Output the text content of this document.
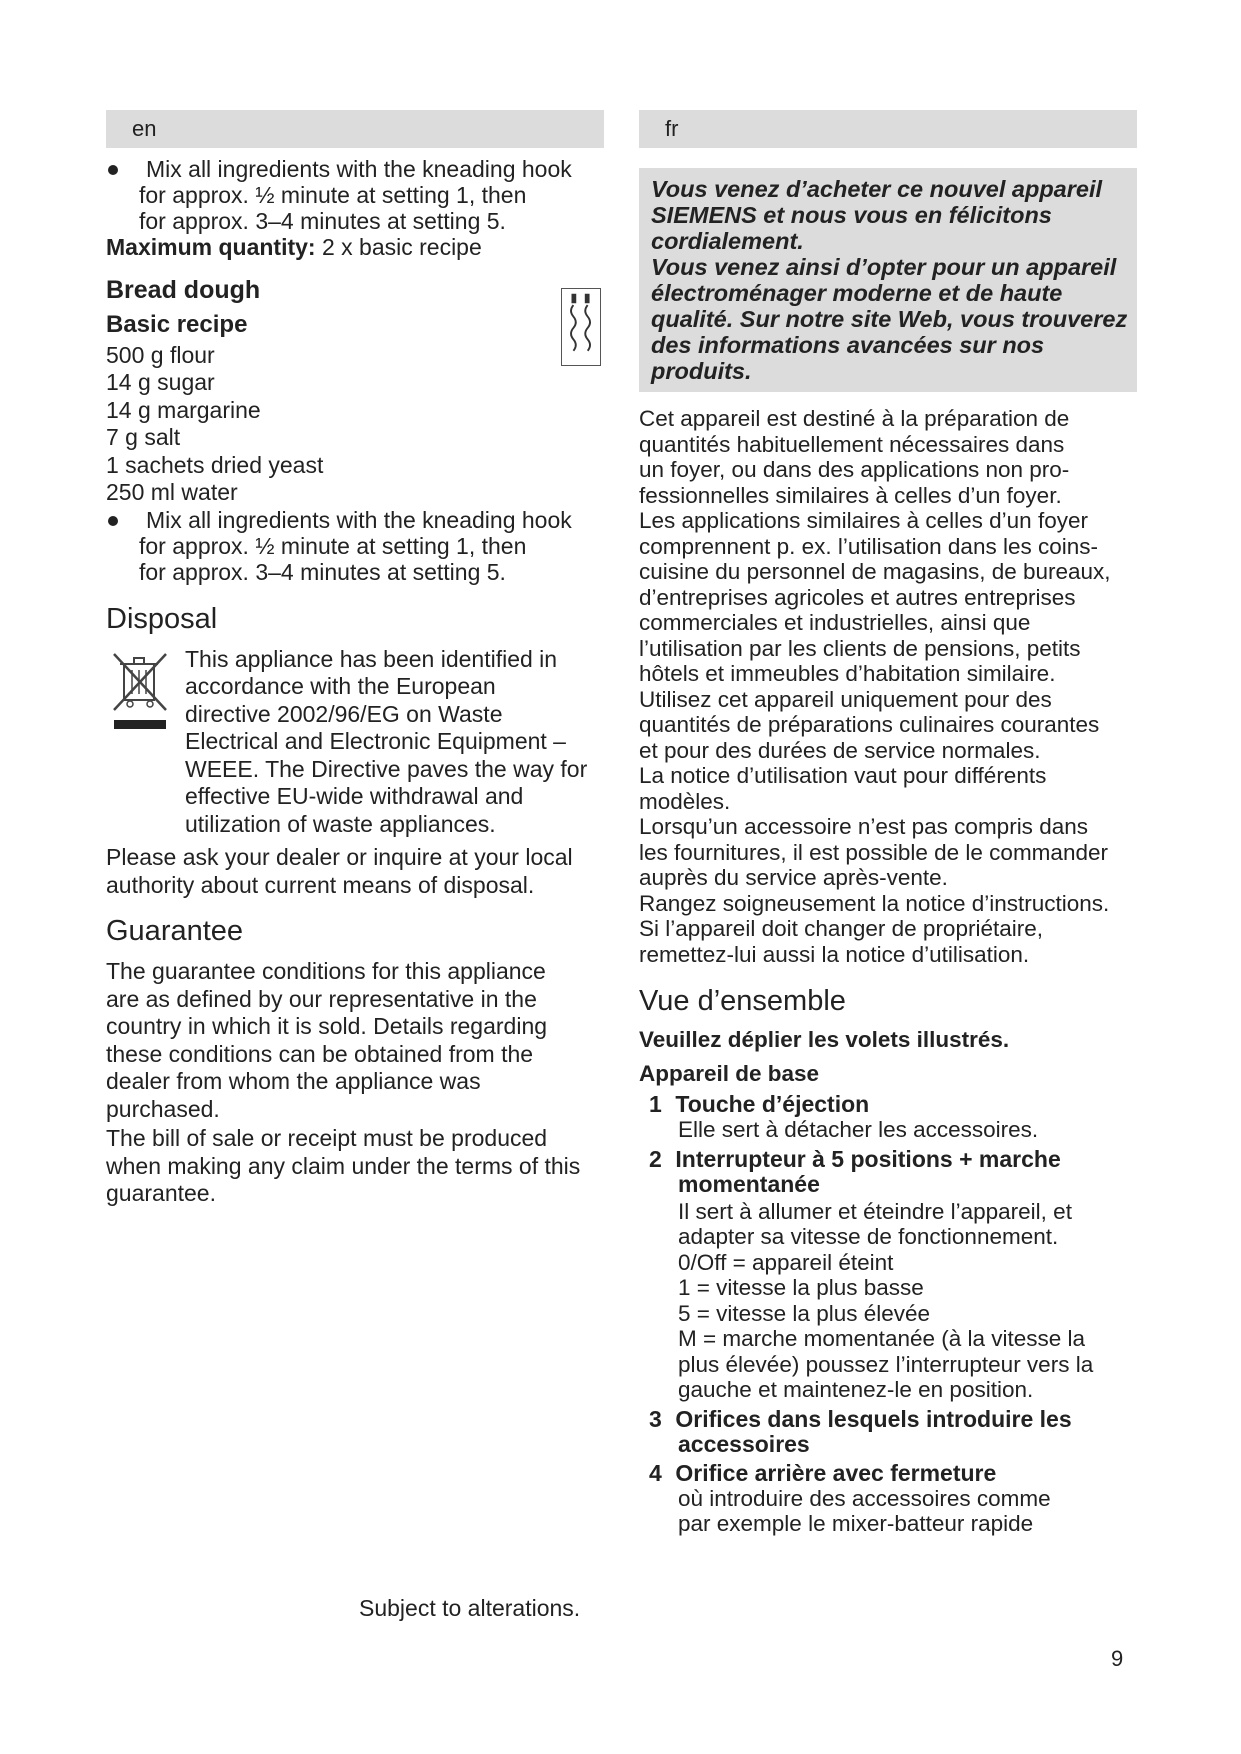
en
Mix all ingredients with the kneading hook
for approx. ½ minute at setting 1, then
for approx. 3–4 minutes at setting 5.

Maximum quantity: 2 x basic recipe

Bread dough
Basic recipe

500 g flour

14 g sugar

14 g margarine

7 g salt

1 sachets dried yeast

250 ml water

Mix all ingredients with the kneading hook
for approx. ½ minute at setting 1, then
for approx. 3–4 minutes at setting 5.
Disposal

This appliance has been identified in

accordance with the European

directive 2002/96/EG on Waste

Electrical and Electronic Equipment –

WEEE. The Directive paves the way for

effective EU-wide withdrawal and

utilization of waste appliances.

Please ask your dealer or inquire at your local

authority about current means of disposal.

Guarantee

The guarantee conditions for this appliance

are as defined by our representative in the

country in which it is sold. Details regarding

these conditions can be obtained from the

dealer from whom the appliance was

purchased.

The bill of sale or receipt must be produced

when making any claim under the terms of this

guarantee.

fr

Vous venez d’acheter ce nouvel appareil

SIEMENS et nous vous en félicitons

cordialement.

Vous venez ainsi d’opter pour un appareil

électroménager moderne et de haute

qualité. Sur notre site Web, vous trouverez

des informations avancées sur nos produits.

Cet appareil est destiné à la préparation de

quantités habituellement nécessaires dans

un foyer, ou dans des applications non pro-

fessionnelles similaires à celles d’un foyer.

Les applications similaires à celles d’un foyer

comprennent p. ex. l’utilisation dans les coins-

cuisine du personnel de magasins, de bureaux,

d’entreprises agricoles et autres entreprises

commerciales et industrielles, ainsi que

l’utilisation par les clients de pensions, petits

hôtels et immeubles d’habitation similaire.

Utilisez cet appareil uniquement pour des

quantités de préparations culinaires courantes

et pour des durées de service normales.

La notice d’utilisation vaut pour différents

modèles.

Lorsqu’un accessoire n’est pas compris dans

les fournitures, il est possible de le commander

auprès du service après-vente.

Rangez soigneusement la notice d’instructions.

Si l’appareil doit changer de propriétaire,

remettez-lui aussi la notice d’utilisation.

Vue d’ensemble
Veuillez déplier les volets illustrés.
Appareil de base
1 Touche d’éjection

Elle sert à détacher les accessoires.

2 Interrupteur à 5 positions + marche

momentanée

Il sert à allumer et éteindre l’appareil, et

adapter sa vitesse de fonctionnement.

0/Off = appareil éteint

1 = vitesse la plus basse

5 = vitesse la plus élevée

M = marche momentanée (à la vitesse la

plus élevée) poussez l’interrupteur vers la

gauche et maintenez-le en position.

3 Orifices dans lesquels introduire les

accessoires

4 Orifice arrière avec fermeture

où introduire des accessoires comme

par exemple le mixer-batteur rapide

Subject to alterations.
9
